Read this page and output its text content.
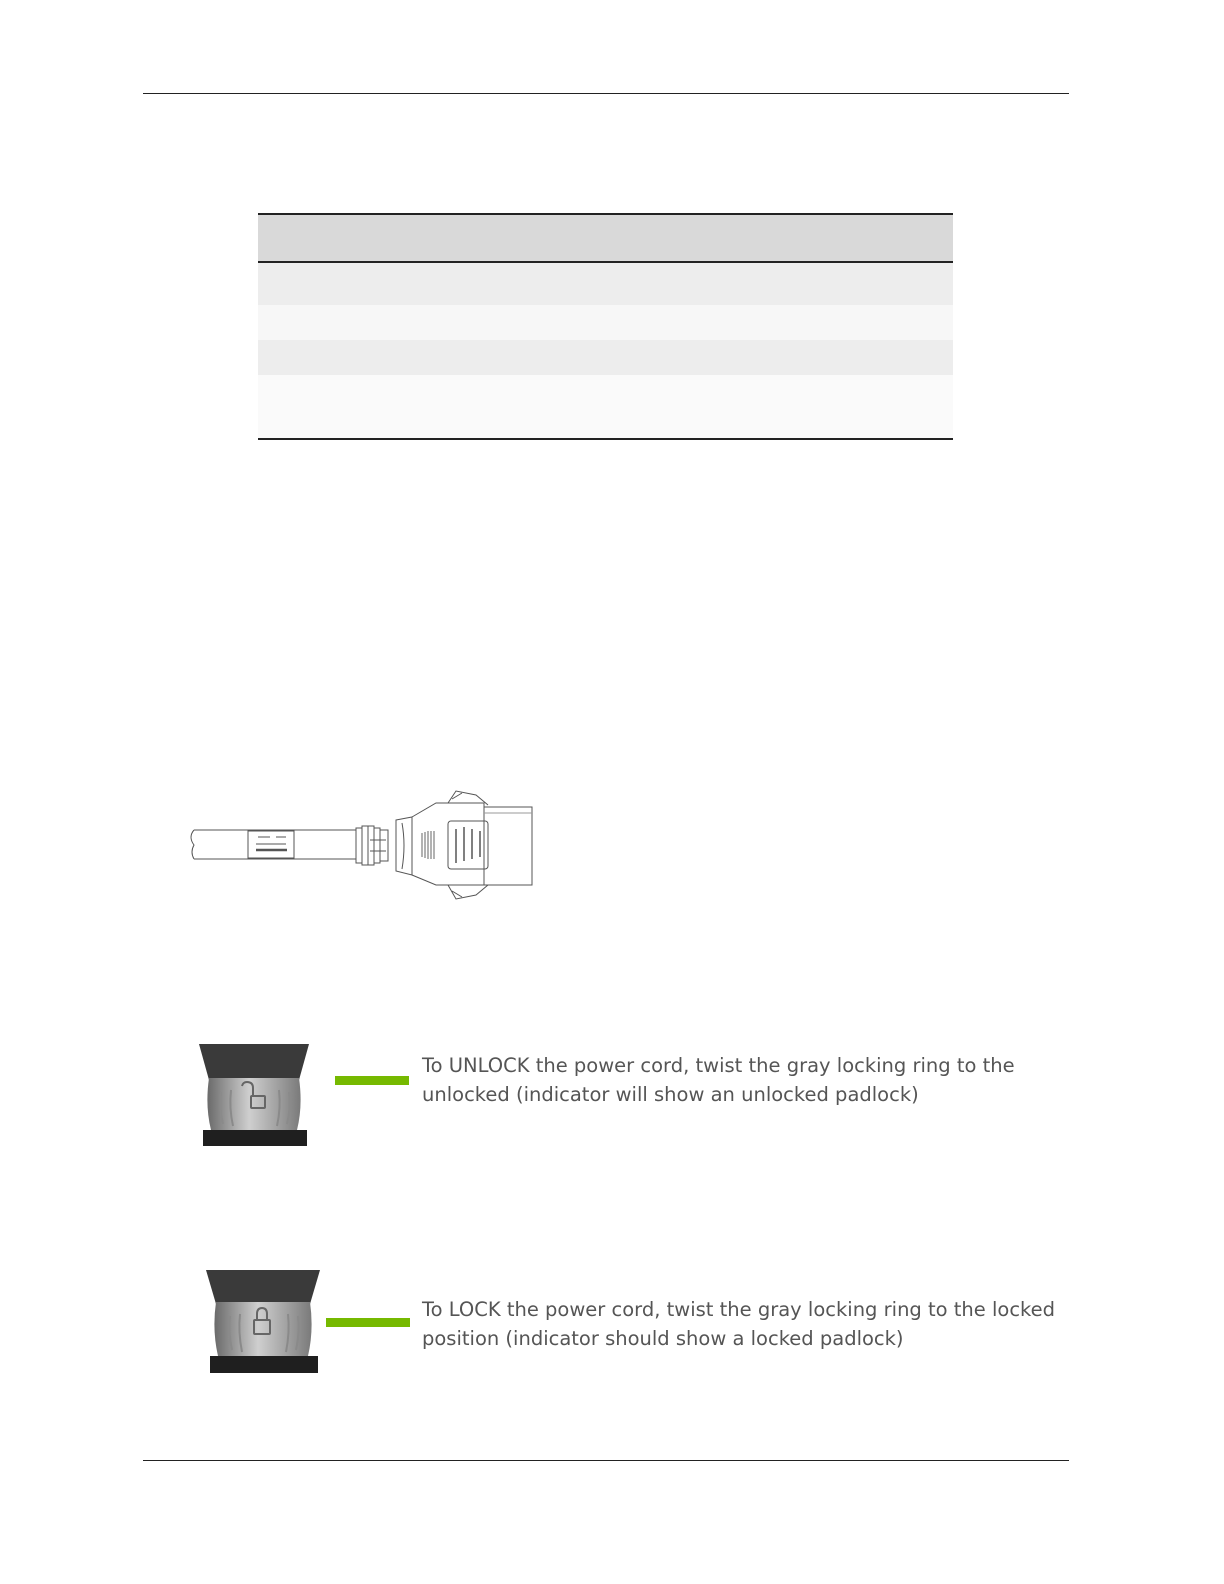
To UNLOCK the power cord, twist the gray locking ring to the
unlocked (indicator will show an unlocked padlock)
To LOCK the power cord, twist the gray locking ring to the locked
position (indicator should show a locked padlock)
